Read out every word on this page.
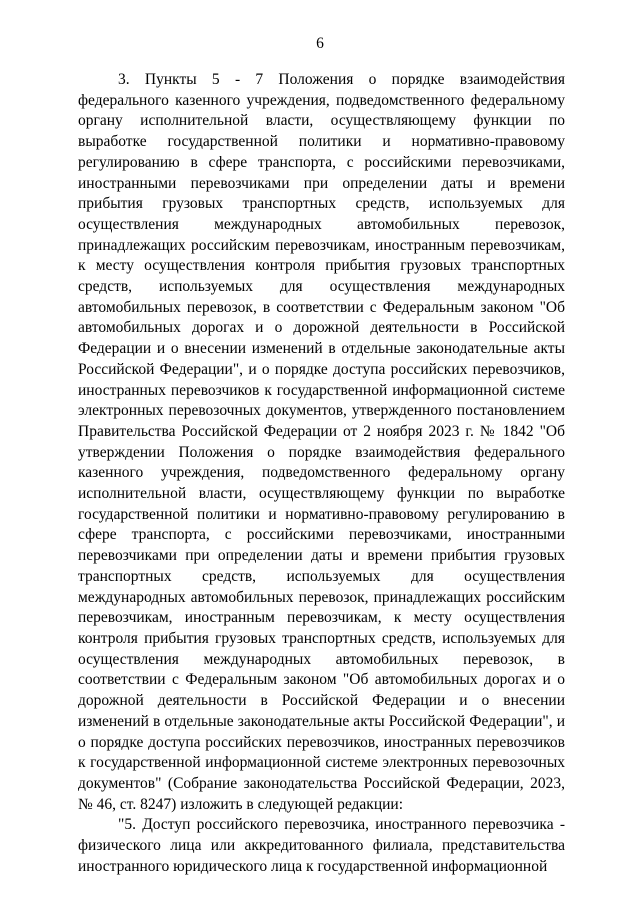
6

3. Пункты 5 - 7 Положения о порядке взаимодействия федерального казенного учреждения, подведомственного федеральному органу исполнительной власти, осуществляющему функции по выработке государственной политики и нормативно-правовому регулированию в сфере транспорта, с российскими перевозчиками, иностранными перевозчиками при определении даты и времени прибытия грузовых транспортных средств, используемых для осуществления международных автомобильных перевозок, принадлежащих российским перевозчикам, иностранным перевозчикам, к месту осуществления контроля прибытия грузовых транспортных средств, используемых для осуществления международных автомобильных перевозок, в соответствии с Федеральным законом "Об автомобильных дорогах и о дорожной деятельности в Российской Федерации и о внесении изменений в отдельные законодательные акты Российской Федерации", и о порядке доступа российских перевозчиков, иностранных перевозчиков к государственной информационной системе электронных перевозочных документов, утвержденного постановлением Правительства Российской Федерации от 2 ноября 2023 г. № 1842 "Об утверждении Положения о порядке взаимодействия федерального казенного учреждения, подведомственного федеральному органу исполнительной власти, осуществляющему функции по выработке государственной политики и нормативно-правовому регулированию в сфере транспорта, с российскими перевозчиками, иностранными перевозчиками при определении даты и времени прибытия грузовых транспортных средств, используемых для осуществления международных автомобильных перевозок, принадлежащих российским перевозчикам, иностранным перевозчикам, к месту осуществления контроля прибытия грузовых транспортных средств, используемых для осуществления международных автомобильных перевозок, в соответствии с Федеральным законом "Об автомобильных дорогах и о дорожной деятельности в Российской Федерации и о внесении изменений в отдельные законодательные акты Российской Федерации", и о порядке доступа российских перевозчиков, иностранных перевозчиков к государственной информационной системе электронных перевозочных документов" (Собрание законодательства Российской Федерации, 2023, № 46, ст. 8247) изложить в следующей редакции:

"5. Доступ российского перевозчика, иностранного перевозчика - физического лица или аккредитованного филиала, представительства иностранного юридического лица к государственной информационной
